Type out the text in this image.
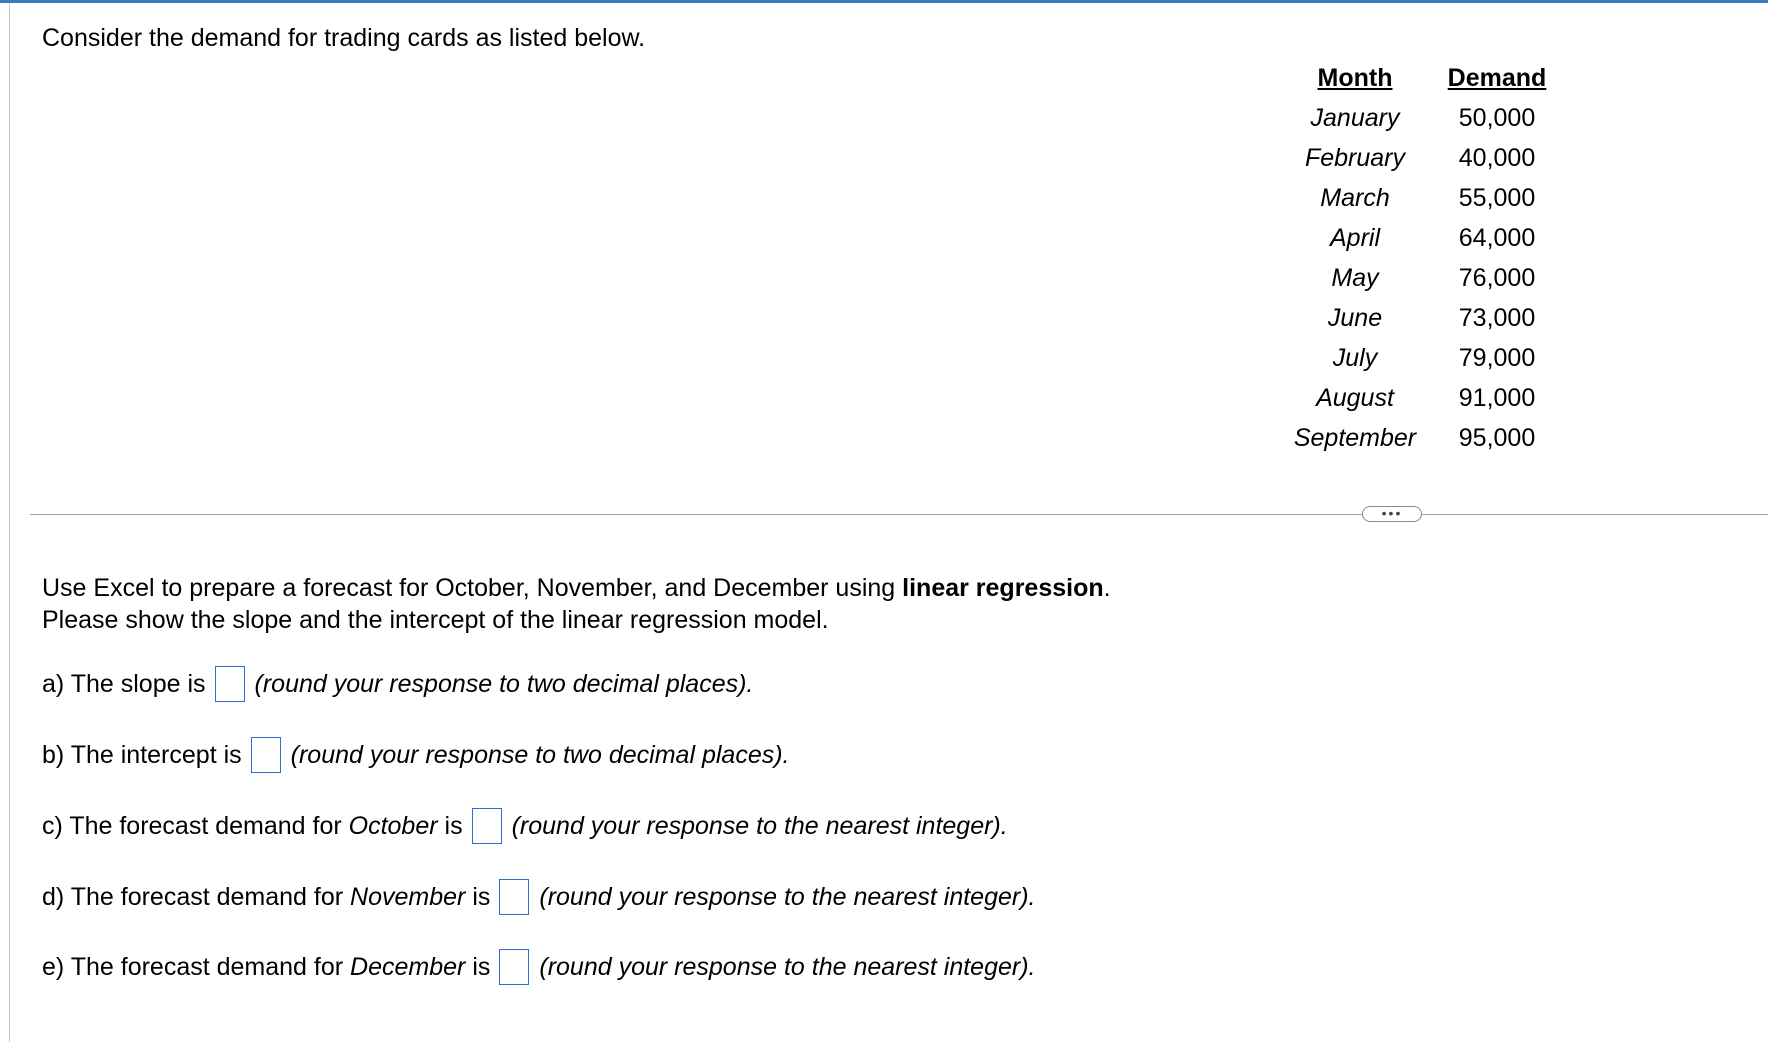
Consider the demand for trading cards as listed below.
Month	Demand
January	50,000
February	40,000
March	55,000
April	64,000
May	76,000
June	73,000
July	79,000
August	91,000
September	95,000
•••
Use Excel to prepare a forecast for October, November, and December using linear regression.
Please show the slope and the intercept of the linear regression model.
a) The slope is (round your response to two decimal places).
b) The intercept is (round your response to two decimal places).
c) The forecast demand for October is (round your response to the nearest integer).
d) The forecast demand for November is (round your response to the nearest integer).
e) The forecast demand for December is (round your response to the nearest integer).
